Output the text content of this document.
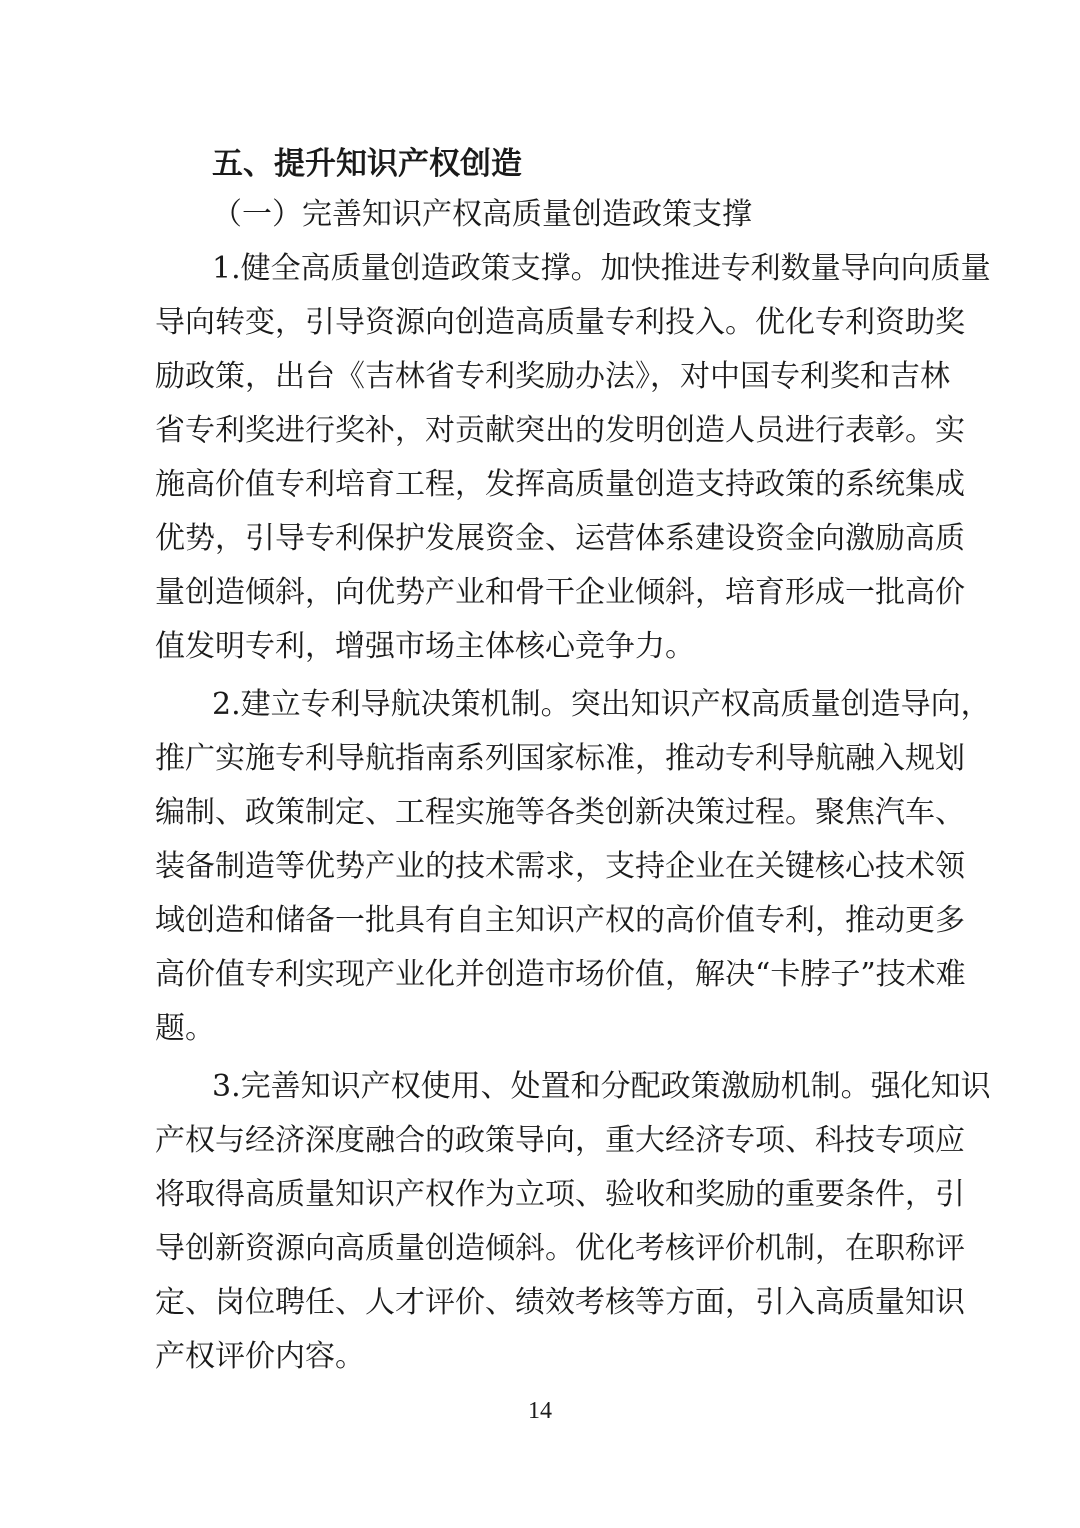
五、提升知识产权创造
（一）完善知识产权高质量创造政策支撑
1.健全高质量创造政策支撑。加快推进专利数量导向向质量
导向转变，引导资源向创造高质量专利投入。优化专利资助奖
励政策，出台《吉林省专利奖励办法》，对中国专利奖和吉林
省专利奖进行奖补，对贡献突出的发明创造人员进行表彰。实
施高价值专利培育工程，发挥高质量创造支持政策的系统集成
优势，引导专利保护发展资金、运营体系建设资金向激励高质
量创造倾斜，向优势产业和骨干企业倾斜，培育形成一批高价
值发明专利，增强市场主体核心竞争力。
2.建立专利导航决策机制。突出知识产权高质量创造导向，
推广实施专利导航指南系列国家标准，推动专利导航融入规划
编制、政策制定、工程实施等各类创新决策过程。聚焦汽车、
装备制造等优势产业的技术需求，支持企业在关键核心技术领
域创造和储备一批具有自主知识产权的高价值专利，推动更多
高价值专利实现产业化并创造市场价值，解决“卡脖子”技术难
题。
3.完善知识产权使用、处置和分配政策激励机制。强化知识
产权与经济深度融合的政策导向，重大经济专项、科技专项应
将取得高质量知识产权作为立项、验收和奖励的重要条件，引
导创新资源向高质量创造倾斜。优化考核评价机制，在职称评
定、岗位聘任、人才评价、绩效考核等方面，引入高质量知识
产权评价内容。
14
